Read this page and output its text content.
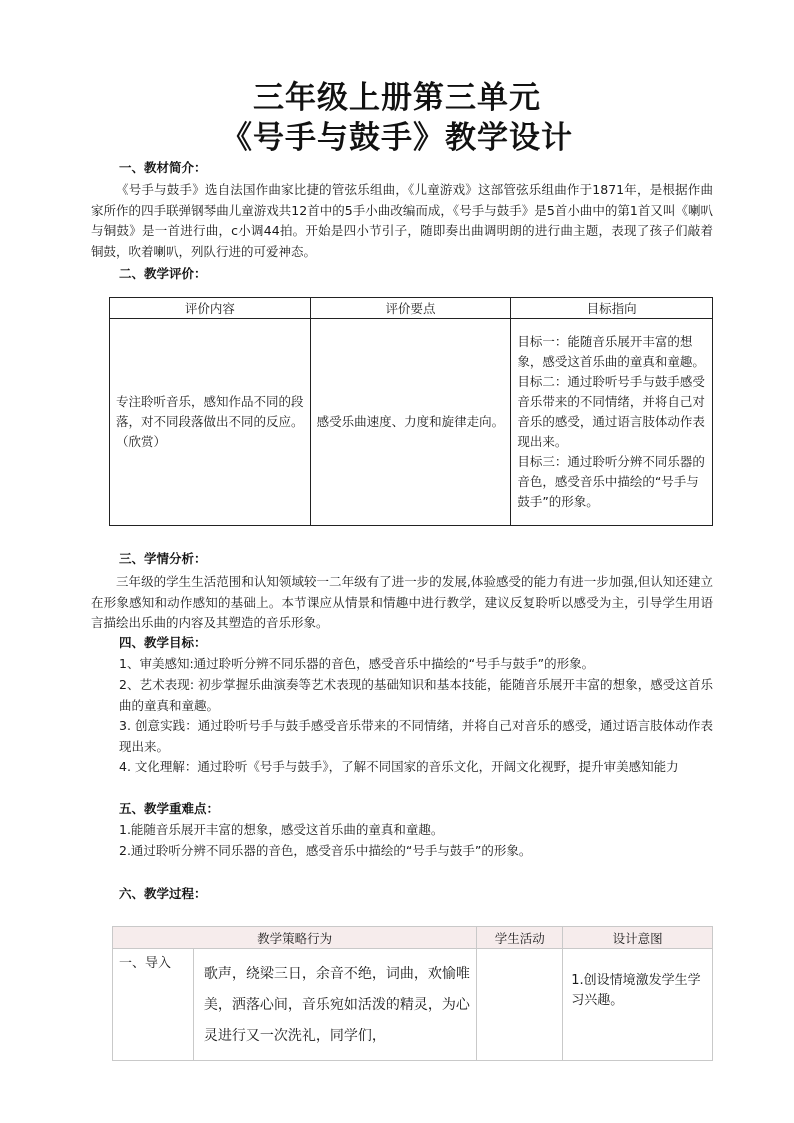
三年级上册第三单元
《号手与鼓手》教学设计
一、教材简介：
《号手与鼓手》选自法国作曲家比捷的管弦乐组曲，《儿童游戏》这部管弦乐组曲作于1871年，是根据作曲家所作的四手联弹钢琴曲儿童游戏共12首中的5手小曲改编而成，《号手与鼓手》是5首小曲中的第1首又叫《喇叭与铜鼓》是一首进行曲，c小调44拍。开始是四小节引子，随即奏出曲调明朗的进行曲主题，表现了孩子们敲着铜鼓，吹着喇叭，列队行进的可爱神态。
二、教学评价：
评价内容	评价要点	目标指向
专注聆听音乐，感知作品不同的段落，对不同段落做出不同的反应。（欣赏）	感受乐曲速度、力度和旋律走向。	目标一：能随音乐展开丰富的想象，感受这首乐曲的童真和童趣。
目标二：通过聆听号手与鼓手感受音乐带来的不同情绪，并将自己对音乐的感受，通过语言肢体动作表现出来。
目标三：通过聆听分辨不同乐器的音色，感受音乐中描绘的“号手与鼓手”的形象。
三、学情分析：
三年级的学生生活范围和认知领域较一二年级有了进一步的发展,体验感受的能力有进一步加强,但认知还建立在形象感知和动作感知的基础上。本节课应从情景和情趣中进行教学，建议反复聆听以感受为主，引导学生用语言描绘出乐曲的内容及其塑造的音乐形象。
四、教学目标：
1、审美感知:通过聆听分辨不同乐器的音色，感受音乐中描绘的“号手与鼓手”的形象。
2、艺术表现: 初步掌握乐曲演奏等艺术表现的基础知识和基本技能，能随音乐展开丰富的想象，感受这首乐曲的童真和童趣。
3. 创意实践：通过聆听号手与鼓手感受音乐带来的不同情绪，并将自己对音乐的感受，通过语言肢体动作表现出来。
4. 文化理解：通过聆听《号手与鼓手》，了解不同国家的音乐文化，开阔文化视野，提升审美感知能力
五、教学重难点：
1.能随音乐展开丰富的想象，感受这首乐曲的童真和童趣。
2.通过聆听分辨不同乐器的音色，感受音乐中描绘的“号手与鼓手”的形象。
六、教学过程：
教学策略行为		学生活动	设计意图
一、导入	歌声，绕梁三日，余音不绝，词曲，欢愉唯美，洒落心间，音乐宛如活泼的精灵，为心灵进行又一次洗礼，同学们，		1.创设情境激发学生学习兴趣。
